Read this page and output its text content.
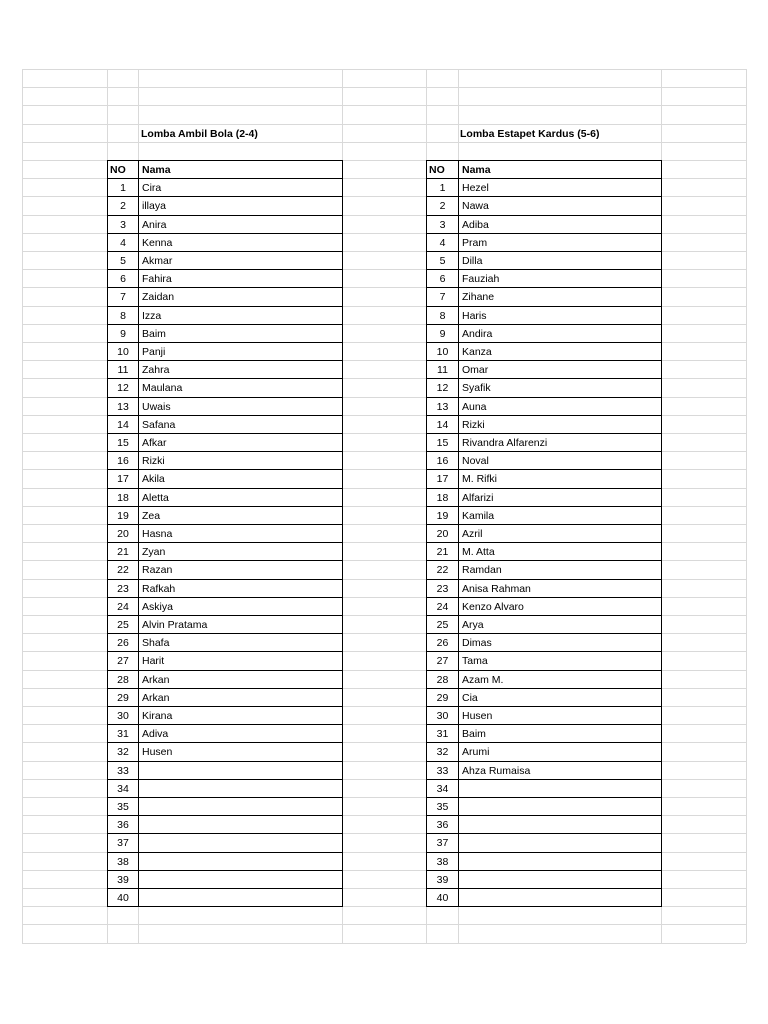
Lomba Ambil Bola (2-4)	Lomba Estapet Kardus (5-6)
NO	Nama
1	Cira
2	illaya
3	Anira
4	Kenna
5	Akmar
6	Fahira
7	Zaidan
8	Izza
9	Baim
10	Panji
11	Zahra
12	Maulana
13	Uwais
14	Safana
15	Afkar
16	Rizki
17	Akila
18	Aletta
19	Zea
20	Hasna
21	Zyan
22	Razan
23	Rafkah
24	Askiya
25	Alvin Pratama
26	Shafa
27	Harit
28	Arkan
29	Arkan
30	Kirana
31	Adiva
32	Husen
33
34
35
36
37
38
39
40
NO	Nama
1	Hezel
2	Nawa
3	Adiba
4	Pram
5	Dilla
6	Fauziah
7	Zihane
8	Haris
9	Andira
10	Kanza
11	Omar
12	Syafik
13	Auna
14	Rizki
15	Rivandra Alfarenzi
16	Noval
17	M. Rifki
18	Alfarizi
19	Kamila
20	Azril
21	M. Atta
22	Ramdan
23	Anisa Rahman
24	Kenzo Alvaro
25	Arya
26	Dimas
27	Tama
28	Azam M.
29	Cia
30	Husen
31	Baim
32	Arumi
33	Ahza Rumaisa
34
35
36
37
38
39
40
